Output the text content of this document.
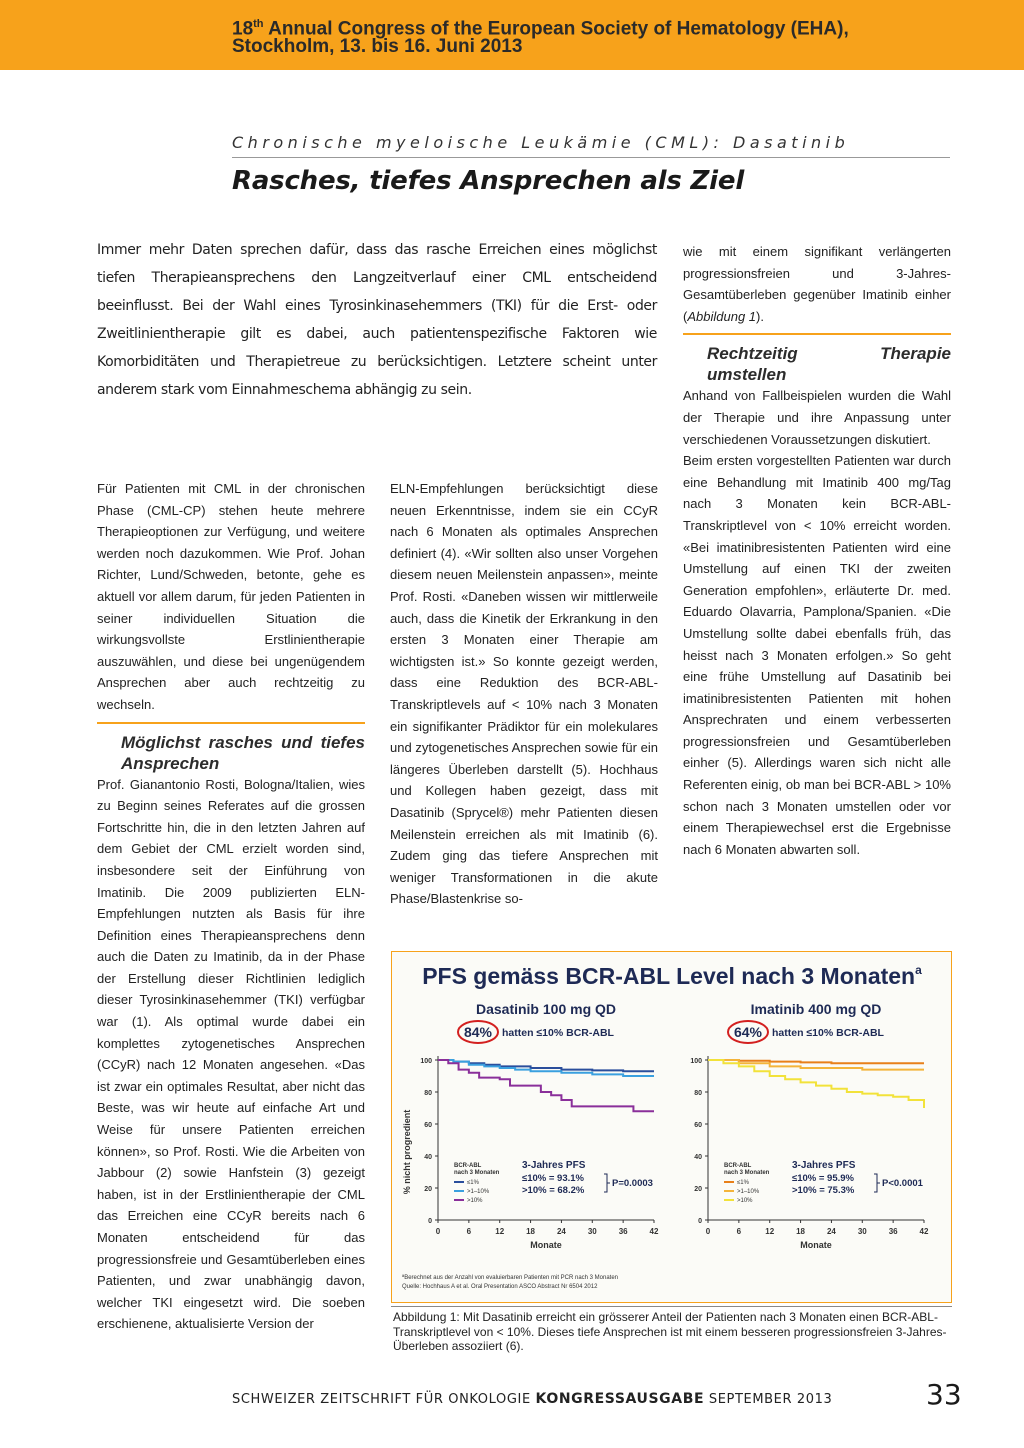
18th Annual Congress of the European Society of Hematology (EHA),
Stockholm, 13. bis 16. Juni 2013
Chronische myeloische Leukämie (CML): Dasatinib
Rasches, tiefes Ansprechen als Ziel
Immer mehr Daten sprechen dafür, dass das rasche Erreichen eines möglichst tiefen Therapieansprechens den Langzeitverlauf einer CML entscheidend beeinflusst. Bei der Wahl eines Tyrosinkinasehemmers (TKI) für die Erst- oder Zweitlinientherapie gilt es dabei, auch patientenspezifische Faktoren wie Komorbiditäten und Therapietreue zu berücksichtigen. Letztere scheint unter anderem stark vom Einnahmeschema abhängig zu sein.

Für Patienten mit CML in der chronischen Phase (CML-CP) stehen heute mehrere Therapieoptionen zur Verfügung, und weitere werden noch dazukommen. Wie Prof. Johan Richter, Lund/Schweden, betonte, gehe es aktuell vor allem darum, für jeden Patienten in seiner individuellen Situation die wirkungsvollste Erstlinientherapie auszuwählen, und diese bei ungenügendem Ansprechen aber auch rechtzeitig zu wechseln.

Möglichst rasches und tiefes Ansprechen

Prof. Gianantonio Rosti, Bologna/Italien, wies zu Beginn seines Referates auf die grossen Fortschritte hin, die in den letzten Jahren auf dem Gebiet der CML erzielt worden sind, insbesondere seit der Einführung von Imatinib. Die 2009 publizierten ELN-Empfehlungen nutzten als Basis für ihre Definition eines Therapieansprechens denn auch die Daten zu Imatinib, da in der Phase der Erstellung dieser Richtlinien lediglich dieser Tyrosinkinasehemmer (TKI) verfügbar war (1). Als optimal wurde dabei ein komplettes zytogenetisches Ansprechen (CCyR) nach 12 Monaten angesehen. «Das ist zwar ein optimales Resultat, aber nicht das Beste, was wir heute auf einfache Art und Weise für unsere Patienten erreichen können», so Prof. Rosti. Wie die Arbeiten von Jabbour (2) sowie Hanfstein (3) gezeigt haben, ist in der Erstlinientherapie der CML das Erreichen eine CCyR bereits nach 6 Monaten entscheidend für das progressionsfreie und Gesamtüberleben eines Patienten, und zwar unabhängig davon, welcher TKI eingesetzt wird. Die soeben erschienene, aktualisierte Version der

ELN-Empfehlungen berücksichtigt diese neuen Erkenntnisse, indem sie ein CCyR nach 6 Monaten als optimales Ansprechen definiert (4). «Wir sollten also unser Vorgehen diesem neuen Meilenstein anpassen», meinte Prof. Rosti. «Daneben wissen wir mittlerweile auch, dass die Kinetik der Erkrankung in den ersten 3 Monaten einer Therapie am wichtigsten ist.» So konnte gezeigt werden, dass eine Reduktion des BCR-ABL-Transkriptlevels auf < 10% nach 3 Monaten ein signifikanter Prädiktor für ein molekulares und zytogenetisches Ansprechen sowie für ein längeres Überleben darstellt (5). Hochhaus und Kollegen haben gezeigt, dass mit Dasatinib (Sprycel®) mehr Patienten diesen Meilenstein erreichen als mit Imatinib (6). Zudem ging das tiefere Ansprechen mit weniger Transformationen in die akute Phase/Blastenkrise so-

wie mit einem signifikant verlängerten progressionsfreien und 3-Jahres-Gesamtüberleben gegenüber Imatinib einher (Abbildung 1).

Rechtzeitig Therapie umstellen

Anhand von Fallbeispielen wurden die Wahl der Therapie und ihre Anpassung unter verschiedenen Voraussetzungen diskutiert.

Beim ersten vorgestellten Patienten war durch eine Behandlung mit Imatinib 400 mg/Tag nach 3 Monaten kein BCR-ABL-Transkriptlevel von < 10% erreicht worden. «Bei imatinibresistenten Patienten wird eine Umstellung auf einen TKI der zweiten Generation empfohlen», erläuterte Dr. med. Eduardo Olavarria, Pamplona/Spanien. «Die Umstellung sollte dabei ebenfalls früh, das heisst nach 3 Monaten erfolgen.» So geht eine frühe Umstellung auf Dasatinib bei imatinibresistenten Patienten mit hohen Ansprechraten und einem verbesserten progressionsfreien und Gesamtüberleben einher (5). Allerdings waren sich nicht alle Referenten einig, ob man bei BCR-ABL > 10% schon nach 3 Monaten umstellen oder vor einem Therapiewechsel erst die Ergebnisse nach 6 Monaten abwarten soll.

PFS gemäss BCR-ABL Level nach 3 Monaten$^a$
% nicht progredient
Dasatinib 100 mg QD
84% hatten ≤10% BCR-ABL
0
20
40
60
80
100
0	6	12	18	24	30	36	42
Monate
BCR-ABL
nach 3 Monaten
≤1%
>1–10%
>10%
3-Jahres PFS
≤10% = 93.1%
>10% = 68.2%
P=0.0003
Imatinib 400 mg QD
64% hatten ≤10% BCR-ABL
0
20
40
60
80
100
0	6	12	18	24	30	36	42
Monate
BCR-ABL
nach 3 Monaten
≤1%
>1–10%
>10%
3-Jahres PFS
≤10% = 95.9%
>10% = 75.3%
P<0.0001
ªBerechnet aus der Anzahl von evaluierbaren Patienten mit PCR nach 3 Monaten
Quelle: Hochhaus A et al. Oral Presentation ASCO Abstract Nr 6504 2012
Abbildung 1: Mit Dasatinib erreicht ein grösserer Anteil der Patienten nach 3 Monaten einen BCR-ABL-Transkriptlevel von < 10%. Dieses tiefe Ansprechen ist mit einem besseren progressionsfreien 3-Jahres-Überleben assoziiert (6).
SCHWEIZER ZEITSCHRIFT FÜR ONKOLOGIE KONGRESSAUSGABE SEPTEMBER 2013	33
